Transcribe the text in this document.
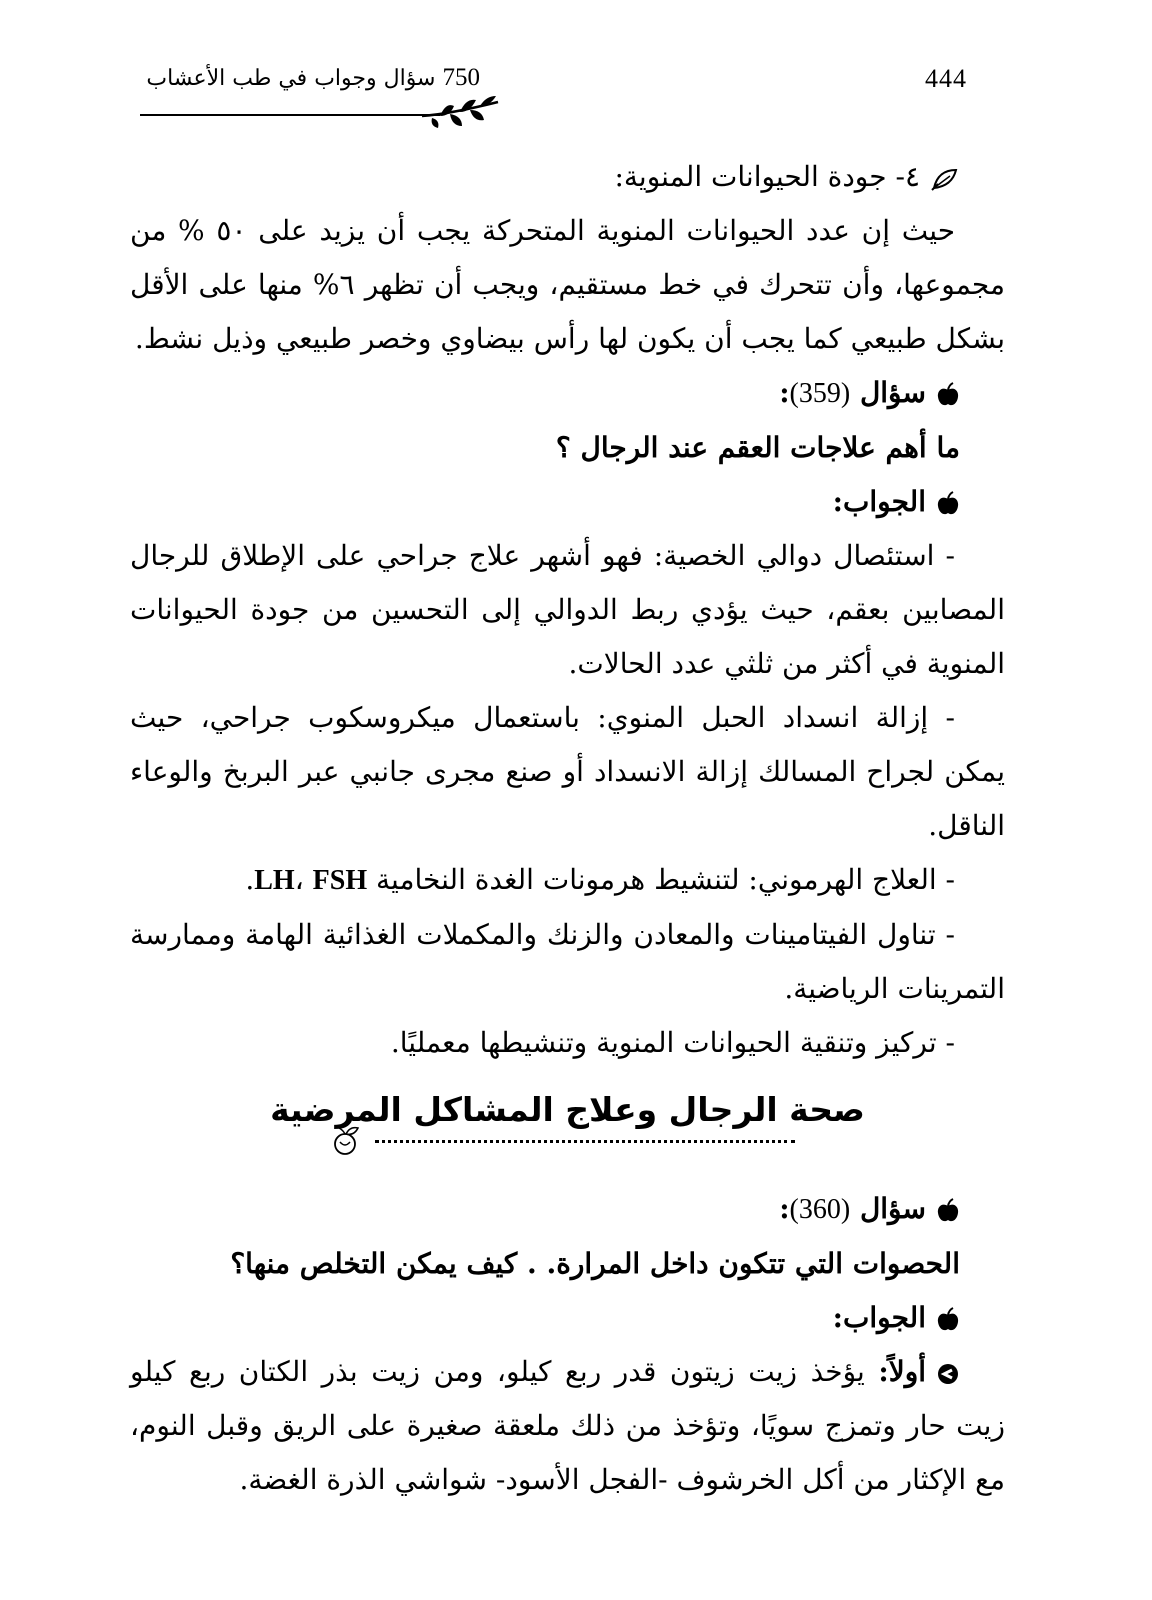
444
750 سؤال وجواب في طب الأعشاب

٤- جودة الحيوانات المنوية:

حيث إن عدد الحيوانات المنوية المتحركة يجب أن يزيد على ٥٠ % من مجموعها، وأن تتحرك في خط مستقيم، ويجب أن تظهر ٦% منها على الأقل بشكل طبيعي كما يجب أن يكون لها رأس بيضاوي وخصر طبيعي وذيل نشط.

سؤال (359):

ما أهم علاجات العقم عند الرجال ؟

الجواب:

- استئصال دوالي الخصية: فهو أشهر علاج جراحي على الإطلاق للرجال المصابين بعقم، حيث يؤدي ربط الدوالي إلى التحسين من جودة الحيوانات المنوية في أكثر من ثلثي عدد الحالات.

- إزالة انسداد الحبل المنوي: باستعمال ميكروسكوب جراحي، حيث يمكن لجراح المسالك إزالة الانسداد أو صنع مجرى جانبي عبر البربخ والوعاء الناقل.

- العلاج الهرموني: لتنشيط هرمونات الغدة النخامية LH، FSH.

- تناول الفيتامينات والمعادن والزنك والمكملات الغذائية الهامة وممارسة التمرينات الرياضية.

- تركيز وتنقية الحيوانات المنوية وتنشيطها معمليًا.

صحة الرجال وعلاج المشاكل المرضية

سؤال (360):

الحصوات التي تتكون داخل المرارة. . كيف يمكن التخلص منها؟

الجواب:

أولاً: يؤخذ زيت زيتون قدر ربع كيلو، ومن زيت بذر الكتان ربع كيلو زيت حار وتمزج سويًا، وتؤخذ من ذلك ملعقة صغيرة على الريق وقبل النوم، مع الإكثار من أكل الخرشوف -الفجل الأسود- شواشي الذرة الغضة.
